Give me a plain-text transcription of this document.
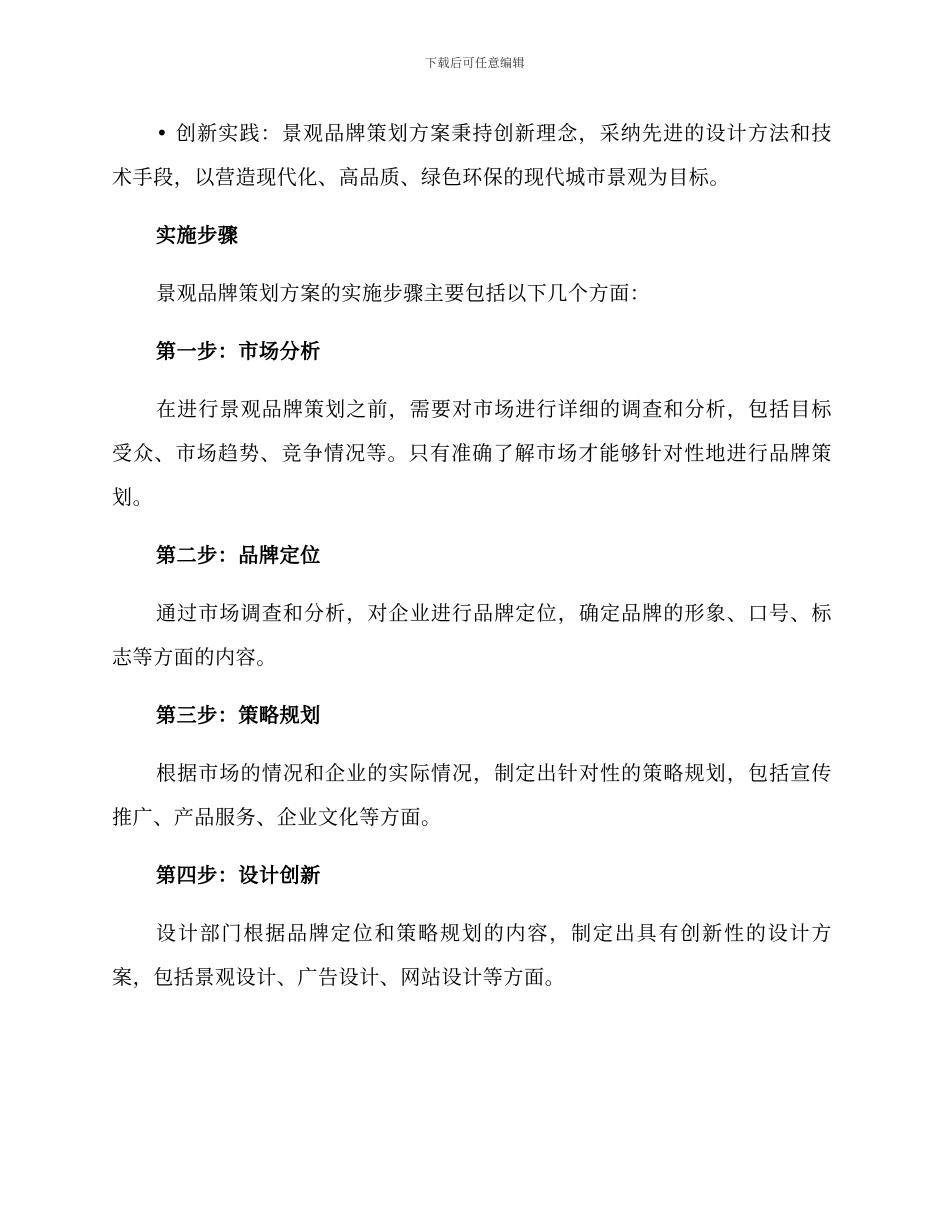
下载后可任意编辑

• 创新实践：景观品牌策划方案秉持创新理念，采纳先进的设计方法和技术手段，以营造现代化、高品质、绿色环保的现代城市景观为目标。

实施步骤

景观品牌策划方案的实施步骤主要包括以下几个方面：

第一步：市场分析

在进行景观品牌策划之前，需要对市场进行详细的调查和分析，包括目标受众、市场趋势、竞争情况等。只有准确了解市场才能够针对性地进行品牌策划。

第二步：品牌定位

通过市场调查和分析，对企业进行品牌定位，确定品牌的形象、口号、标志等方面的内容。

第三步：策略规划

根据市场的情况和企业的实际情况，制定出针对性的策略规划，包括宣传推广、产品服务、企业文化等方面。

第四步：设计创新

设计部门根据品牌定位和策略规划的内容，制定出具有创新性的设计方案，包括景观设计、广告设计、网站设计等方面。
